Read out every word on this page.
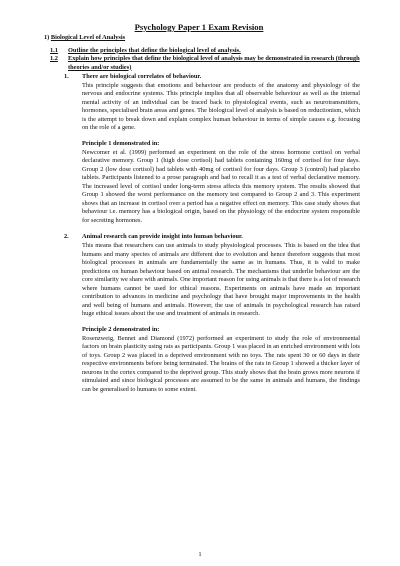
Psychology Paper 1 Exam Revision
1) Biological Level of Analysis
1.1	Outline the principles that define the biological level of analysis.
1.2	Explain how principles that define the biological level of analysis may be demonstrated in research (through theories and/or studies)
1.	There are biological correlates of behaviour.
This principle suggests that emotions and behaviour are products of the anatomy and physiology of the nervous and endocrine systems. This principle implies that all observable behaviour as well as the internal mental activity of an individual can be traced back to physiological events, such as neurotransmitters, hormones, specialised brain areas and genes. The biological level of analysis is based on reductionism, which is the attempt to break down and explain complex human behaviour in terms of simple causes e.g. focusing on the role of a gene.
Principle 1 demonstrated in:
Newcomer et al. (1999) performed an experiment on the role of the stress hormone cortisol on verbal declarative memory. Group 1 (high dose cortisol) had tablets containing 160mg of cortisol for four days. Group 2 (low dose cortisol) had tablets with 40mg of cortisol for four days. Group 3 (control) had placebo tablets. Participants listened to a prose paragraph and had to recall it as a test of verbal declarative memory. The increased level of cortisol under long-term stress affects this memory system. The results showed that Group 1 showed the worst performance on the memory test compared to Group 2 and 3. This experiment shows that an increase in cortisol over a period has a negative effect on memory. This case study shows that behaviour i.e. memory has a biological origin, based on the physiology of the endocrine system responsible for secreting hormones.
2.	Animal research can provide insight into human behaviour.
This means that researchers can use animals to study physiological processes. This is based on the idea that humans and many species of animals are different due to evolution and hence therefore suggests that most biological processes in animals are fundamentally the same as in humans. Thus, it is valid to make predictions on human behaviour based on animal research. The mechanisms that underlie behaviour are the core similarity we share with animals. One important reason for using animals is that there is a lot of research where humans cannot be used for ethical reasons. Experiments on animals have made an important contribution to advances in medicine and psychology that have brought major improvements in the health and well being of humans and animals. However, the use of animals in psychological research has raised huge ethical issues about the use and treatment of animals in research.
Principle 2 demonstrated in:
Rosenzweig, Bennet and Diamond (1972) performed an experiment to study the role of environmental factors on brain plasticity using rats as participants. Group 1 was placed in an enriched environment with lots of toys. Group 2 was placed in a deprived environment with no toys. The rats spent 30 or 60 days in their respective environments before being terminated. The brains of the rats in Group 1 showed a thicker layer of neurons in the cortex compared to the deprived group. This study shows that the brain grows more neurons if stimulated and since biological processes are assumed to be the same in animals and humans, the findings can be generalised to humans to some extent.
1
